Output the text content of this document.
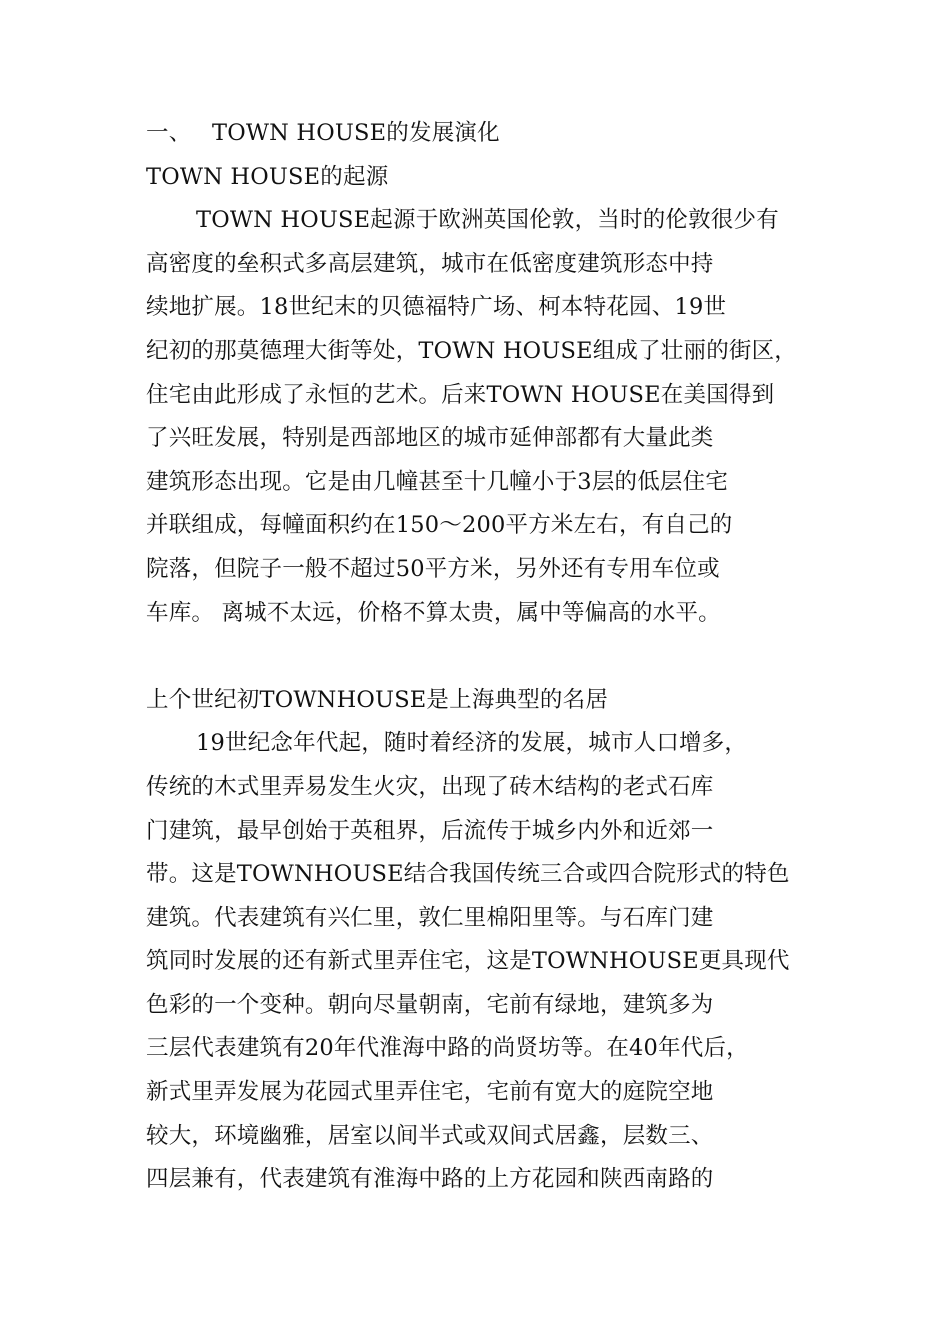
一、 TOWN HOUSE的发展演化
TOWN HOUSE的起源
TOWN HOUSE起源于欧洲英国伦敦，当时的伦敦很少有
高密度的垒积式多高层建筑，城市在低密度建筑形态中持
续地扩展。18世纪末的贝德福特广场、柯本特花园、19世
纪初的那莫德理大街等处，TOWN HOUSE组成了壮丽的街区，
住宅由此形成了永恒的艺术。后来TOWN HOUSE在美国得到
了兴旺发展，特别是西部地区的城市延伸部都有大量此类
建筑形态出现。它是由几幢甚至十几幢小于3层的低层住宅
并联组成，每幢面积约在150～200平方米左右，有自己的
院落，但院子一般不超过50平方米，另外还有专用车位或
车库。 离城不太远，价格不算太贵，属中等偏高的水平。
上个世纪初TOWNHOUSE是上海典型的名居
19世纪念年代起，随时着经济的发展，城市人口增多，
传统的木式里弄易发生火灾，出现了砖木结构的老式石库
门建筑，最早创始于英租界，后流传于城乡内外和近郊一
带。这是TOWNHOUSE结合我国传统三合或四合院形式的特色
建筑。代表建筑有兴仁里，敦仁里棉阳里等。与石库门建
筑同时发展的还有新式里弄住宅，这是TOWNHOUSE更具现代
色彩的一个变种。朝向尽量朝南，宅前有绿地，建筑多为
三层代表建筑有20年代淮海中路的尚贤坊等。在40年代后，
新式里弄发展为花园式里弄住宅，宅前有宽大的庭院空地
较大，环境幽雅，居室以间半式或双间式居鑫，层数三、
四层兼有，代表建筑有淮海中路的上方花园和陕西南路的
